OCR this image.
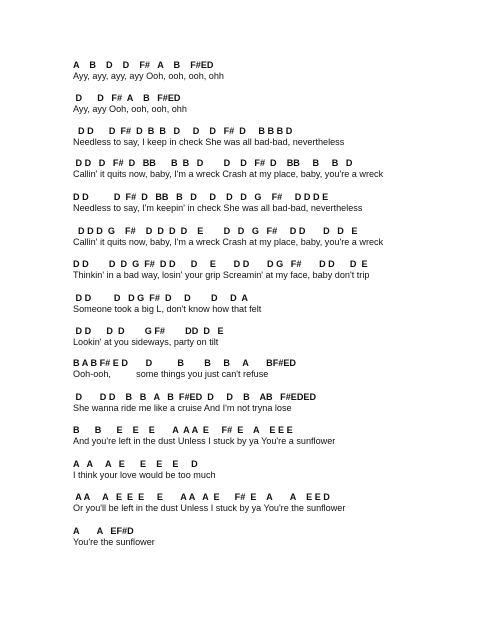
A    B    D    D    F#   A    B    F#ED
Ayy, ayy, ayy, ayy Ooh, ooh, ooh, ohh
D      D   F#  A    B   F#ED
Ayy, ayy Ooh, ooh, ooh, ohh
D D      D  F#  D  B  B   D     D    D   F#  D     B B B D
Needless to say, I keep in check She was all bad-bad, nevertheless
D D   D   F#  D   BB      B  B   D        D    D   F#  D    BB     B     B   D
Callin' it quits now, baby, I'm a wreck Crash at my place, baby, you're a wreck
D D          D  F#  D   BB   B   D     D    D   D   G    F#     D D D E
Needless to say, I'm keepin' in check She was all bad-bad, nevertheless
D D D  G    F#    D  D  D  D    E        D   D   G   F#     D D       D   D   E
Callin' it quits now, baby, I'm a wreck Crash at my place, baby, you're a wreck
D D        D  D  G  F#  D D      D     E       D D       D G   F#       D D      D  E
Thinkin' in a bad way, losin' your grip Screamin' at my face, baby don't trip
D D         D   D G  F#  D     D        D     D  A
Someone took a big L, don't know how that felt
D D      D  D        G F#        DD  D   E
Lookin' at you sideways, party on tilt
B A B F# E D       D          B        B     B     A       BF#ED
Ooh-ooh,          some things you just can't refuse
D       D D    B   B   A   B  F#ED  D     D    B    AB   F#EDED
She wanna ride me like a cruise And I'm not tryna lose
B      B      E    E    E       A  A A  E     F#  E    A    E E E
And you're left in the dust Unless I stuck by ya You're a sunflower
A   A     A   E      E    E    E     D
I think your love would be too much
A A     A   E  E  E     E       A A   A  E      F#  E    A       A    E E D
Or you'll be left in the dust Unless I stuck by ya You're the sunflower
A       A   EF#D
You're the sunflower
